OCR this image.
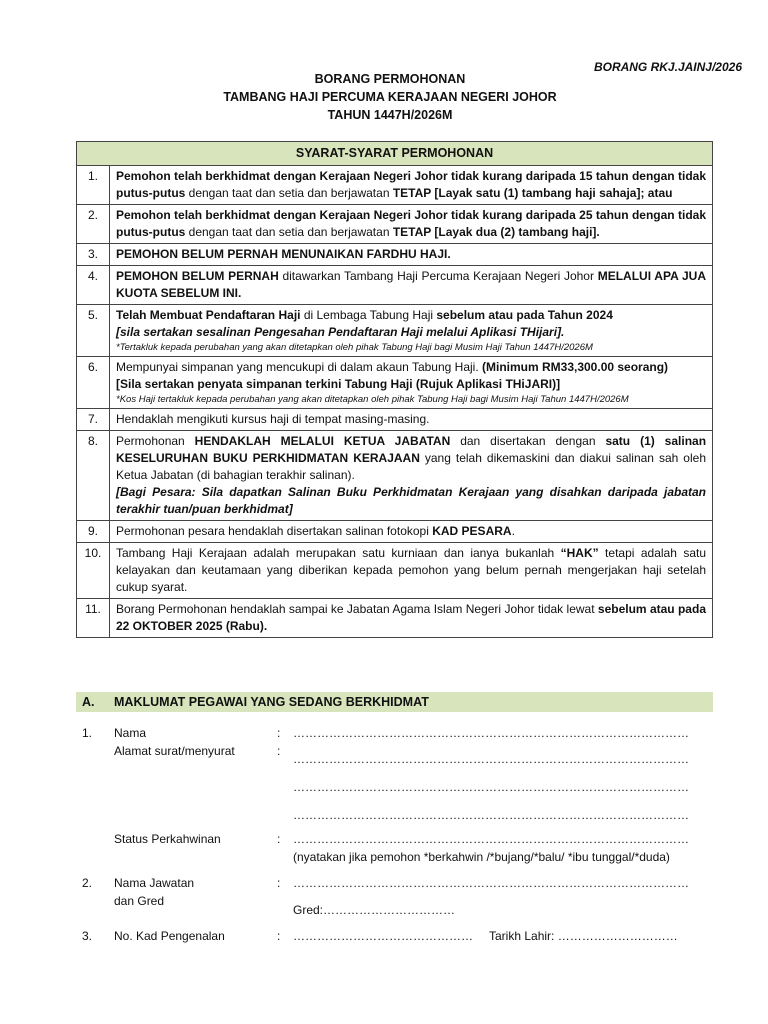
BORANG RKJ.JAINJ/2026
BORANG PERMOHONAN
TAMBANG HAJI PERCUMA KERAJAAN NEGERI JOHOR
TAHUN 1447H/2026M
SYARAT-SYARAT PERMOHONAN	
1.	Pemohon telah berkhidmat dengan Kerajaan Negeri Johor tidak kurang daripada 15 tahun dengan tidak putus-putus dengan taat dan setia dan berjawatan TETAP [Layak satu (1) tambang haji sahaja]; atau
2.	Pemohon telah berkhidmat dengan Kerajaan Negeri Johor tidak kurang daripada 25 tahun dengan tidak putus-putus dengan taat dan setia dan berjawatan TETAP [Layak dua (2) tambang haji].
3.	PEMOHON BELUM PERNAH MENUNAIKAN FARDHU HAJI.
4.	PEMOHON BELUM PERNAH ditawarkan Tambang Haji Percuma Kerajaan Negeri Johor MELALUI APA JUA KUOTA SEBELUM INI.
5.	Telah Membuat Pendaftaran Haji di Lembaga Tabung Haji sebelum atau pada Tahun 2024
[sila sertakan sesalinan Pengesahan Pendaftaran Haji melalui Aplikasi THijari].
*Tertakluk kepada perubahan yang akan ditetapkan oleh pihak Tabung Haji bagi Musim Haji Tahun 1447H/2026M

6.	Mempunyai simpanan yang mencukupi di dalam akaun Tabung Haji. (Minimum RM33,300.00 seorang)
[Sila sertakan penyata simpanan terkini Tabung Haji (Rujuk Aplikasi THiJARI)]
*Kos Haji tertakluk kepada perubahan yang akan ditetapkan oleh pihak Tabung Haji bagi Musim Haji Tahun 1447H/2026M

7.	Hendaklah mengikuti kursus haji di tempat masing-masing.
8.	Permohonan HENDAKLAH MELALUI KETUA JABATAN dan disertakan dengan satu (1) salinan KESELURUHAN BUKU PERKHIDMATAN KERAJAAN yang telah dikemaskini dan diakui salinan sah oleh Ketua Jabatan (di bahagian terakhir salinan).
[Bagi Pesara: Sila dapatkan Salinan Buku Perkhidmatan Kerajaan yang disahkan daripada jabatan terakhir tuan/puan berkhidmat]

9.	Permohonan pesara hendaklah disertakan salinan fotokopi KAD PESARA.
10.	Tambang Haji Kerajaan adalah merupakan satu kurniaan dan ianya bukanlah “HAK” tetapi adalah satu kelayakan dan keutamaan yang diberikan kepada pemohon yang belum pernah mengerjakan haji setelah cukup syarat.
11.	Borang Permohonan hendaklah sampai ke Jabatan Agama Islam Negeri Johor tidak lewat sebelum atau pada 22 OKTOBER 2025 (Rabu).
A. MAKLUMAT PEGAWAI YANG SEDANG BERKHIDMAT
1. Nama	: ………………………………………………………………………………………
Alamat surat/menyurat	:
………………………………………………………………………………………
………………………………………………………………………………………
………………………………………………………………………………………
Status Perkahwinan	: ………………………………………………………………………………………
(nyatakan jika pemohon *berkahwin /*bujang/*balu/ *ibu tunggal/*duda)
2. Nama Jawatan
dan Gred
: ………………………………………………………………………………………
Gred:……………………………
3. No. Kad Pengenalan	: ……………………………………… Tarikh Lahir: …………………………
